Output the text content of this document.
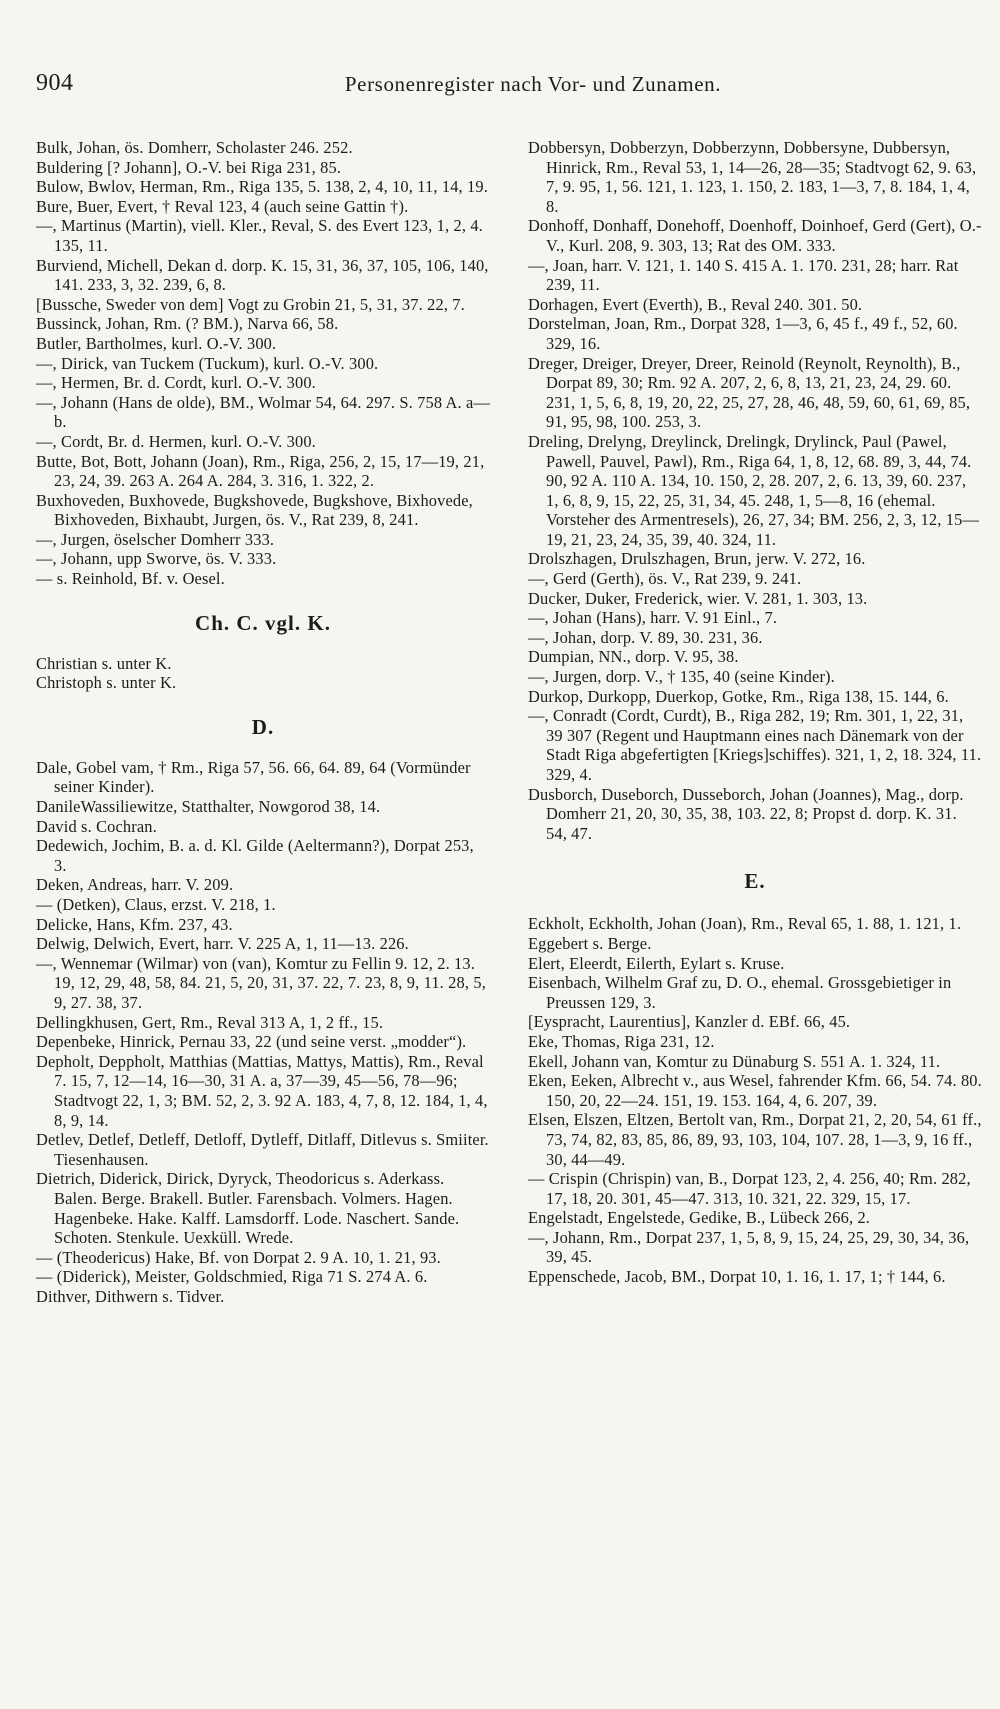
904	Personenregister nach Vor- und Zunamen.

Bulk, Johan, ös. Domherr, Scholaster 246. 252.

Buldering [? Johann], O.-V. bei Riga 231, 85.

Bulow, Bwlov, Herman, Rm., Riga 135, 5. 138, 2, 4, 10, 11, 14, 19.

Bure, Buer, Evert, † Reval 123, 4 (auch seine Gattin †).

—, Martinus (Martin), viell. Kler., Reval, S. des Evert 123, 1, 2, 4. 135, 11.

Burviend, Michell, Dekan d. dorp. K. 15, 31, 36, 37, 105, 106, 140, 141. 233, 3, 32. 239, 6, 8.

[Bussche, Sweder von dem] Vogt zu Grobin 21, 5, 31, 37. 22, 7.

Bussinck, Johan, Rm. (? BM.), Narva 66, 58.

Butler, Bartholmes, kurl. O.-V. 300.

—, Dirick, van Tuckem (Tuckum), kurl. O.-V. 300.

—, Hermen, Br. d. Cordt, kurl. O.-V. 300.

—, Johann (Hans de olde), BM., Wolmar 54, 64. 297. S. 758 A. a—b.

—, Cordt, Br. d. Hermen, kurl. O.-V. 300.

Butte, Bot, Bott, Johann (Joan), Rm., Riga, 256, 2, 15, 17—19, 21, 23, 24, 39. 263 A. 264 A. 284, 3. 316, 1. 322, 2.

Buxhoveden, Buxhovede, Bugkshovede, Bugkshove, Bixhovede, Bixhoveden, Bixhaubt, Jurgen, ös. V., Rat 239, 8, 241.

—, Jurgen, öselscher Domherr 333.

—, Johann, upp Sworve, ös. V. 333.

— s. Reinhold, Bf. v. Oesel.

Ch. C. vgl. K.

Christian s. unter K.

Christoph s. unter K.

D.

Dale, Gobel vam, † Rm., Riga 57, 56. 66, 64. 89, 64 (Vormünder seiner Kinder).

DanileWassiliewitze, Statthalter, Nowgorod 38, 14.

David s. Cochran.

Dedewich, Jochim, B. a. d. Kl. Gilde (Aeltermann?), Dorpat 253, 3.

Deken, Andreas, harr. V. 209.

— (Detken), Claus, erzst. V. 218, 1.

Delicke, Hans, Kfm. 237, 43.

Delwig, Delwich, Evert, harr. V. 225 A, 1, 11—13. 226.

—, Wennemar (Wilmar) von (van), Komtur zu Fellin 9. 12, 2. 13. 19, 12, 29, 48, 58, 84. 21, 5, 20, 31, 37. 22, 7. 23, 8, 9, 11. 28, 5, 9, 27. 38, 37.

Dellingkhusen, Gert, Rm., Reval 313 A, 1, 2 ff., 15.

Depenbeke, Hinrick, Pernau 33, 22 (und seine verst. „modder“).

Depholt, Deppholt, Matthias (Mattias, Mattys, Mattis), Rm., Reval 7. 15, 7, 12—14, 16—30, 31 A. a, 37—39, 45—56, 78—96; Stadtvogt 22, 1, 3; BM. 52, 2, 3. 92 A. 183, 4, 7, 8, 12. 184, 1, 4, 8, 9, 14.

Detlev, Detlef, Detleff, Detloff, Dytleff, Ditlaff, Ditlevus s. Smiiter. Tiesenhausen.

Dietrich, Diderick, Dirick, Dyryck, Theodoricus s. Aderkass. Balen. Berge. Brakell. Butler. Farensbach. Volmers. Hagen. Hagenbeke. Hake. Kalff. Lamsdorff. Lode. Naschert. Sande. Schoten. Stenkule. Uexküll. Wrede.

— (Theodericus) Hake, Bf. von Dorpat 2. 9 A. 10, 1. 21, 93.

— (Diderick), Meister, Goldschmied, Riga 71 S. 274 A. 6.

Dithver, Dithwern s. Tidver.

Dobbersyn, Dobberzyn, Dobberzynn, Dobbersyne, Dubbersyn, Hinrick, Rm., Reval 53, 1, 14—26, 28—35; Stadtvogt 62, 9. 63, 7, 9. 95, 1, 56. 121, 1. 123, 1. 150, 2. 183, 1—3, 7, 8. 184, 1, 4, 8.

Donhoff, Donhaff, Donehoff, Doenhoff, Doinhoef, Gerd (Gert), O.-V., Kurl. 208, 9. 303, 13; Rat des OM. 333.

—, Joan, harr. V. 121, 1. 140 S. 415 A. 1. 170. 231, 28; harr. Rat 239, 11.

Dorhagen, Evert (Everth), B., Reval 240. 301. 50.

Dorstelman, Joan, Rm., Dorpat 328, 1—3, 6, 45 f., 49 f., 52, 60. 329, 16.

Dreger, Dreiger, Dreyer, Dreer, Reinold (Reynolt, Reynolth), B., Dorpat 89, 30; Rm. 92 A. 207, 2, 6, 8, 13, 21, 23, 24, 29. 60. 231, 1, 5, 6, 8, 19, 20, 22, 25, 27, 28, 46, 48, 59, 60, 61, 69, 85, 91, 95, 98, 100. 253, 3.

Dreling, Drelyng, Dreylinck, Drelingk, Drylinck, Paul (Pawel, Pawell, Pauvel, Pawl), Rm., Riga 64, 1, 8, 12, 68. 89, 3, 44, 74. 90, 92 A. 110 A. 134, 10. 150, 2, 28. 207, 2, 6. 13, 39, 60. 237, 1, 6, 8, 9, 15, 22, 25, 31, 34, 45. 248, 1, 5—8, 16 (ehemal. Vorsteher des Armentresels), 26, 27, 34; BM. 256, 2, 3, 12, 15—19, 21, 23, 24, 35, 39, 40. 324, 11.

Drolszhagen, Drulszhagen, Brun, jerw. V. 272, 16.

—, Gerd (Gerth), ös. V., Rat 239, 9. 241.

Ducker, Duker, Frederick, wier. V. 281, 1. 303, 13.

—, Johan (Hans), harr. V. 91 Einl., 7.

—, Johan, dorp. V. 89, 30. 231, 36.

Dumpian, NN., dorp. V. 95, 38.

—, Jurgen, dorp. V., † 135, 40 (seine Kinder).

Durkop, Durkopp, Duerkop, Gotke, Rm., Riga 138, 15. 144, 6.

—, Conradt (Cordt, Curdt), B., Riga 282, 19; Rm. 301, 1, 22, 31, 39 307 (Regent und Hauptmann eines nach Dänemark von der Stadt Riga abgefertigten [Kriegs]schiffes). 321, 1, 2, 18. 324, 11. 329, 4.

Dusborch, Duseborch, Dusseborch, Johan (Joannes), Mag., dorp. Domherr 21, 20, 30, 35, 38, 103. 22, 8; Propst d. dorp. K. 31. 54, 47.

E.

Eckholt, Eckholth, Johan (Joan), Rm., Reval 65, 1. 88, 1. 121, 1.

Eggebert s. Berge.

Elert, Eleerdt, Eilerth, Eylart s. Kruse.

Eisenbach, Wilhelm Graf zu, D. O., ehemal. Grossgebietiger in Preussen 129, 3.

[Eyspracht, Laurentius], Kanzler d. EBf. 66, 45.

Eke, Thomas, Riga 231, 12.

Ekell, Johann van, Komtur zu Dünaburg S. 551 A. 1. 324, 11.

Eken, Eeken, Albrecht v., aus Wesel, fahrender Kfm. 66, 54. 74. 80. 150, 20, 22—24. 151, 19. 153. 164, 4, 6. 207, 39.

Elsen, Elszen, Eltzen, Bertolt van, Rm., Dorpat 21, 2, 20, 54, 61 ff., 73, 74, 82, 83, 85, 86, 89, 93, 103, 104, 107. 28, 1—3, 9, 16 ff., 30, 44—49.

— Crispin (Chrispin) van, B., Dorpat 123, 2, 4. 256, 40; Rm. 282, 17, 18, 20. 301, 45—47. 313, 10. 321, 22. 329, 15, 17.

Engelstadt, Engelstede, Gedike, B., Lübeck 266, 2.

—, Johann, Rm., Dorpat 237, 1, 5, 8, 9, 15, 24, 25, 29, 30, 34, 36, 39, 45.

Eppenschede, Jacob, BM., Dorpat 10, 1. 16, 1. 17, 1; † 144, 6.
